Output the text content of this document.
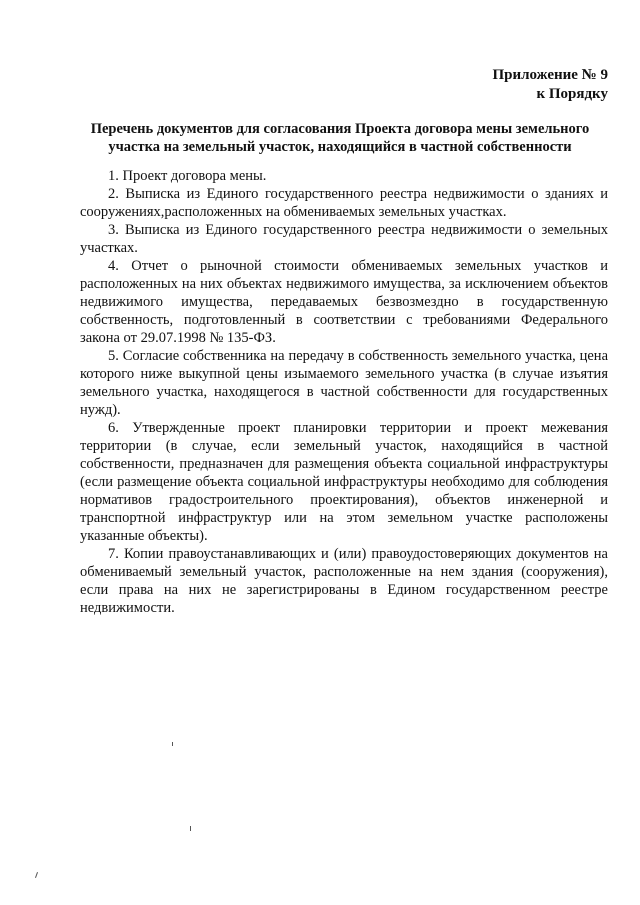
Приложение № 9
к Порядку
Перечень документов для согласования Проекта договора мены земельного участка на земельный участок, находящийся в частной собственности

1. Проект договора мены.

2. Выписка из Единого государственного реестра недвижимости о зданиях и сооружениях,расположенных на обмениваемых земельных участках.

3. Выписка из Единого государственного реестра недвижимости о земельных участках.

4. Отчет о рыночной стоимости обмениваемых земельных участков и расположенных на них объектах недвижимого имущества, за исключением объектов недвижимого имущества, передаваемых безвозмездно в государственную собственность, подготовленный в соответствии с требованиями Федерального закона от 29.07.1998 № 135-ФЗ.

5. Согласие собственника на передачу в собственность земельного участка, цена которого ниже выкупной цены изымаемого земельного участка (в случае изъятия земельного участка, находящегося в частной собственности для государственных нужд).

6. Утвержденные проект планировки территории и проект межевания территории (в случае, если земельный участок, находящийся в частной собственности, предназначен для размещения объекта социальной инфраструктуры (если размещение объекта социальной инфраструктуры необходимо для соблюдения нормативов градостроительного проектирования), объектов инженерной и транспортной инфраструктур или на этом земельном участке расположены указанные объекты).

7. Копии правоустанавливающих и (или) правоудостоверяющих документов на обмениваемый земельный участок, расположенные на нем здания (сооружения), если права на них не зарегистрированы в Едином государственном реестре недвижимости.
